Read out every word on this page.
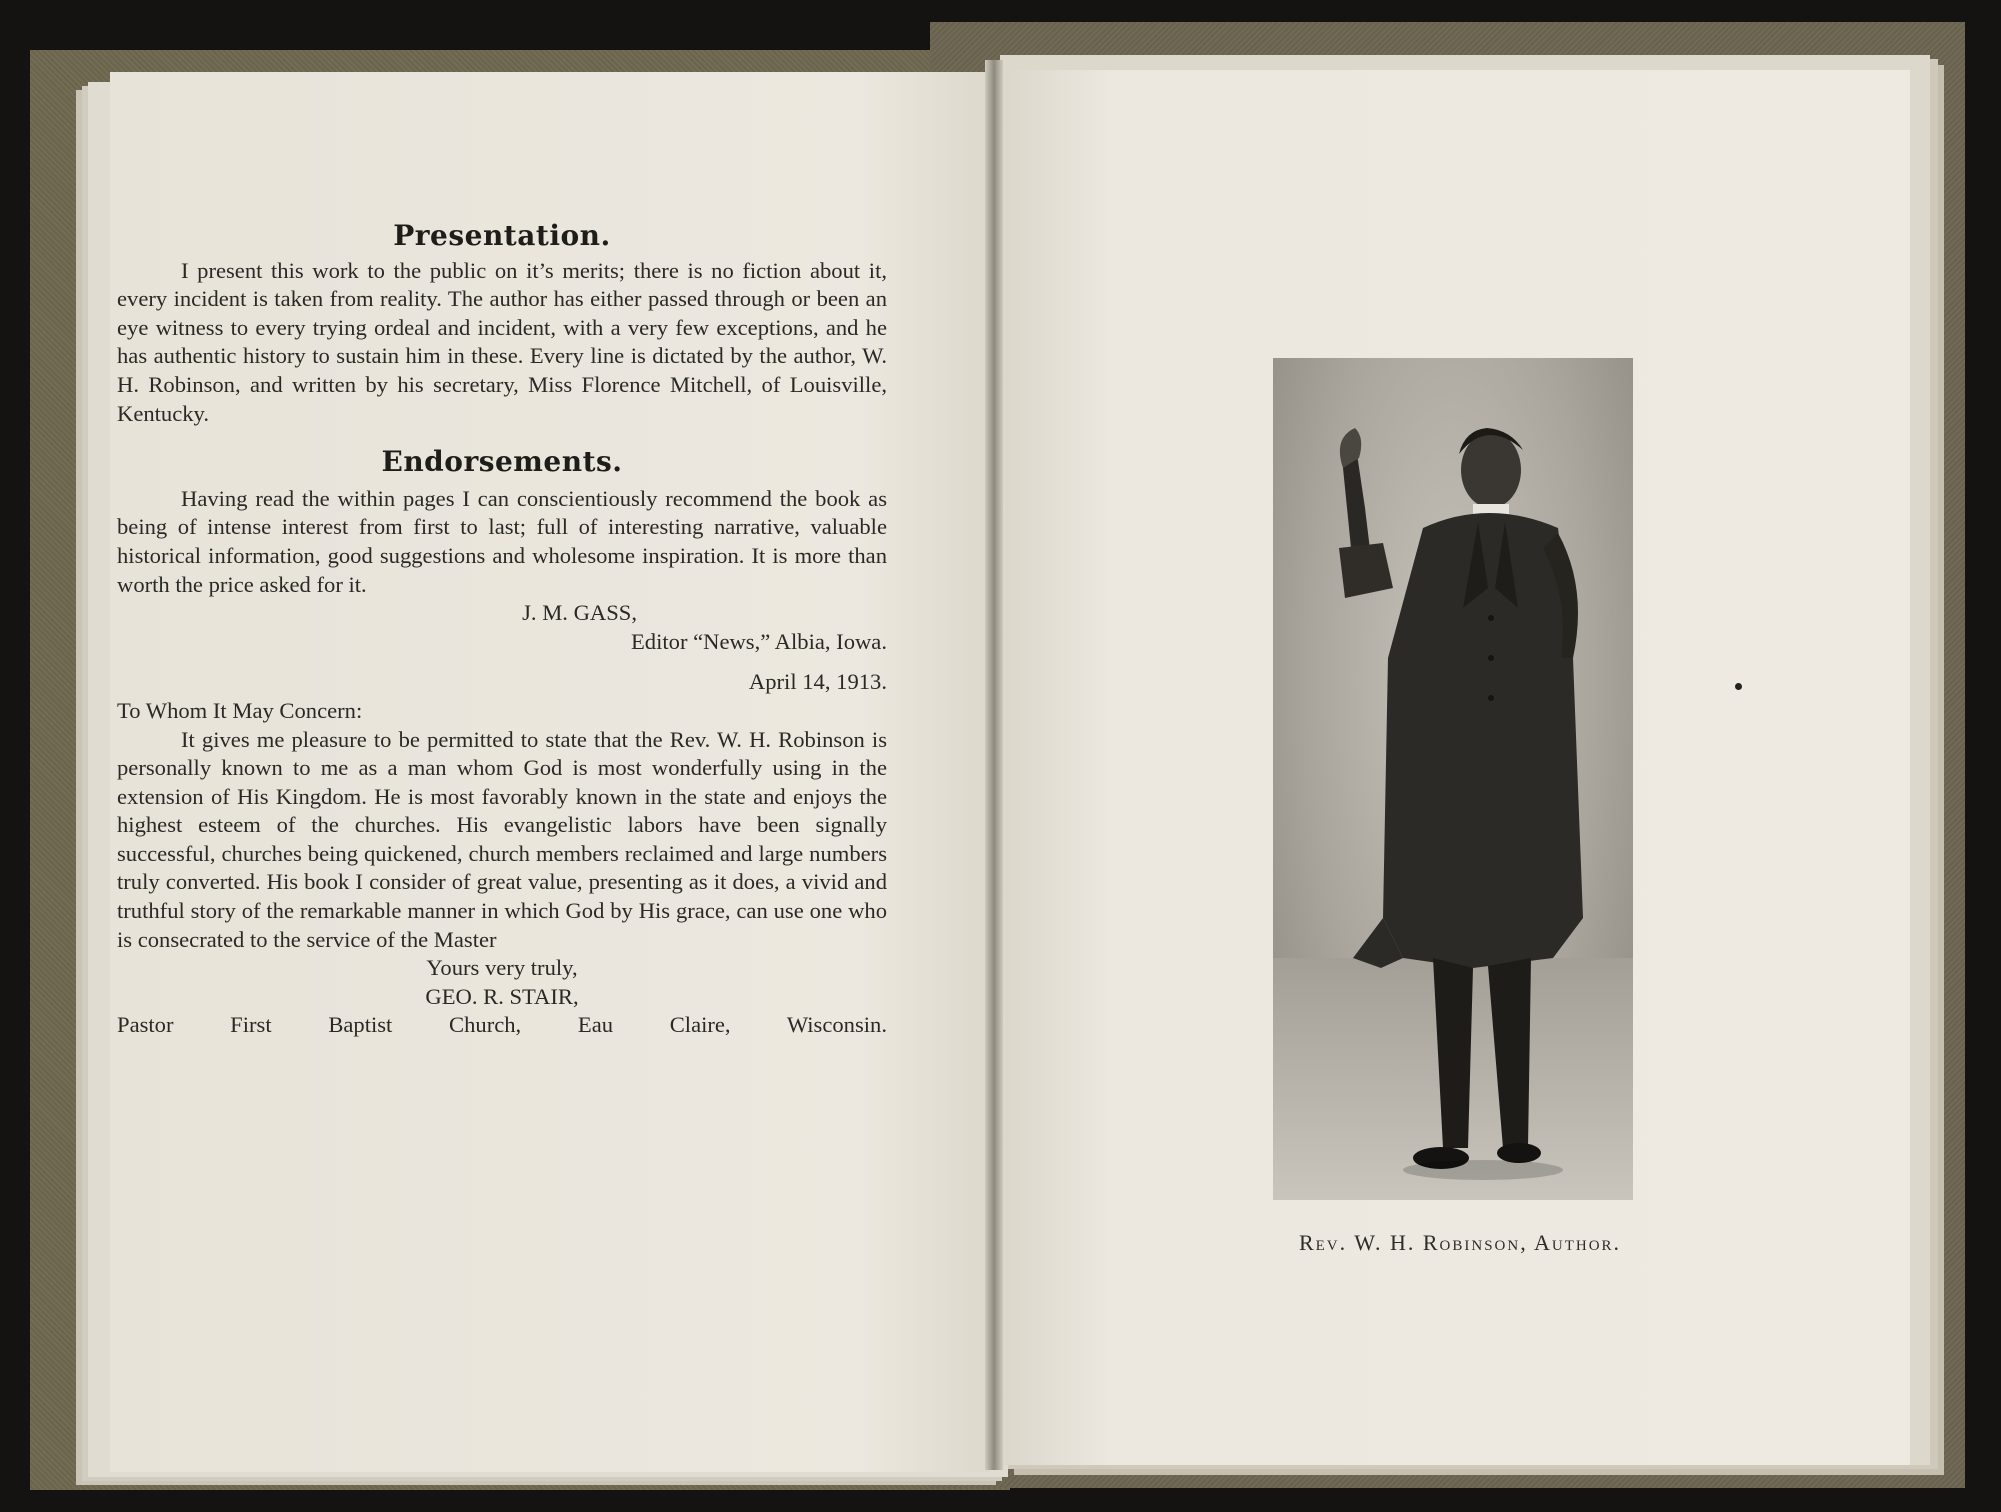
Presentation.

I present this work to the public on it’s merits; there is no fiction about it, every incident is taken from reality. The author has either passed through or been an eye witness to every trying ordeal and incident, with a very few exceptions, and he has authentic history to sustain him in these. Every line is dictated by the author, W. H. Robinson, and written by his secretary, Miss Florence Mitchell, of Louisville, Kentucky.

Endorsements.

Having read the within pages I can conscientiously recommend the book as being of intense interest from first to last; full of interesting narrative, valuable historical information, good suggestions and wholesome inspiration. It is more than worth the price asked for it.

J. M. GASS,
Editor “News,” Albia, Iowa.
April 14, 1913.
To Whom It May Concern:

It gives me pleasure to be permitted to state that the Rev. W. H. Robinson is personally known to me as a man whom God is most wonderfully using in the extension of His Kingdom. He is most favorably known in the state and enjoys the highest esteem of the churches. His evangelistic labors have been signally successful, churches being quickened, church members reclaimed and large numbers truly converted. His book I consider of great value, presenting as it does, a vivid and truthful story of the remarkable manner in which God by His grace, can use one who is consecrated to the service of the Master

Yours very truly,
GEO. R. STAIR,
Pastor First Baptist Church, Eau Claire, Wisconsin.
Rev. W. H. Robinson, Author.
